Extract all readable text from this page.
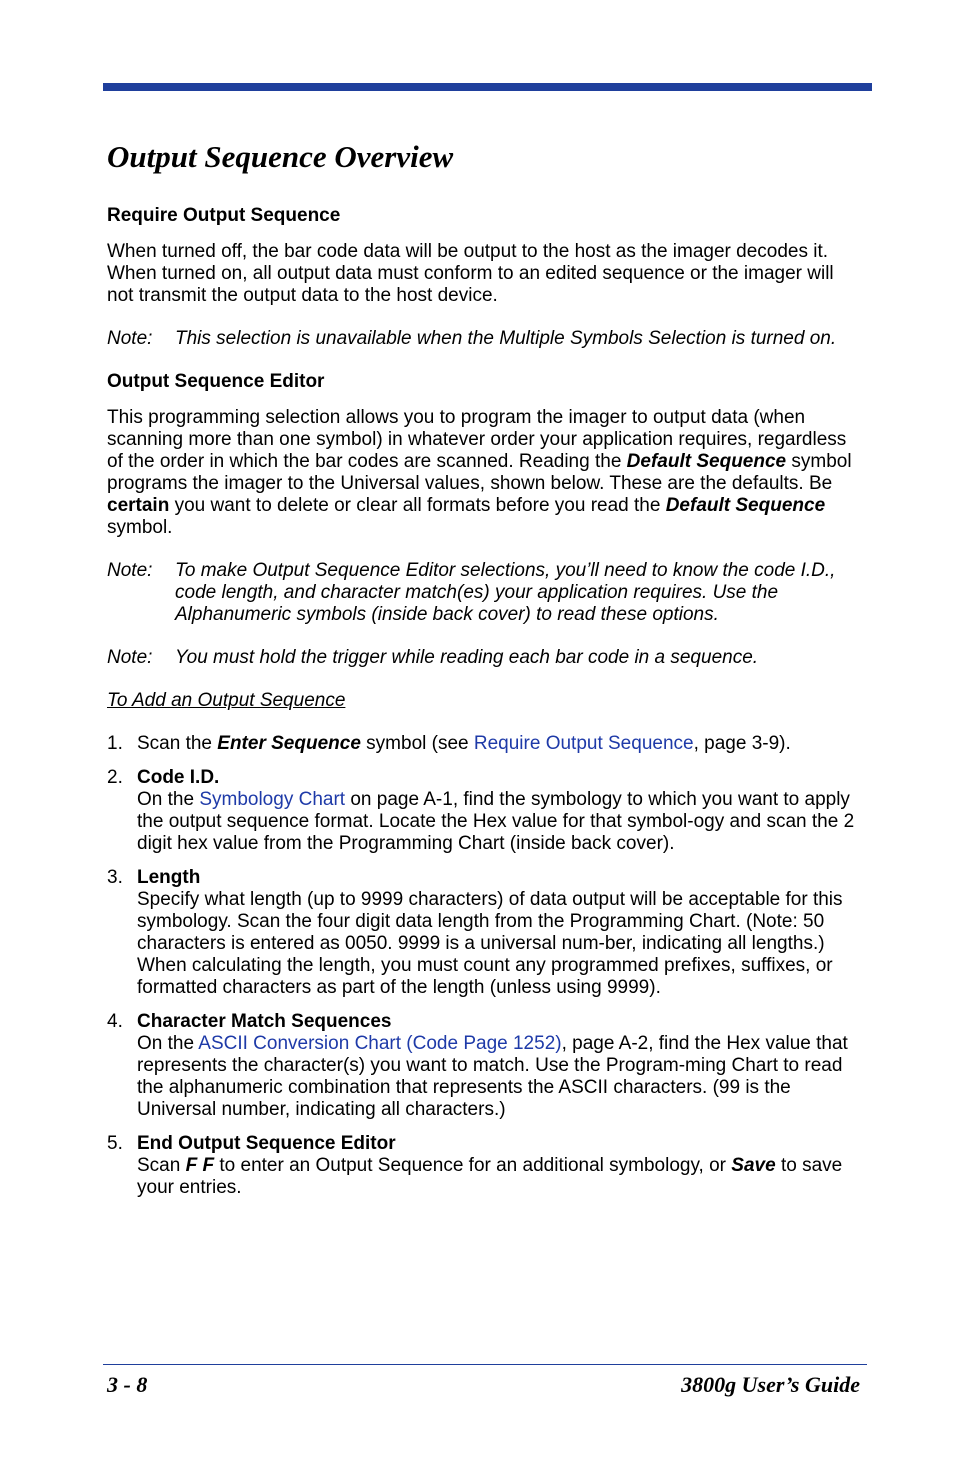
Output Sequence Overview
Require Output Sequence
When turned off, the bar code data will be output to the host as the imager decodes it. When turned on, all output data must conform to an edited sequence or the imager will not transmit the output data to the host device.
Note:	This selection is unavailable when the Multiple Symbols Selection is turned on.
Output Sequence Editor
This programming selection allows you to program the imager to output data (when scanning more than one symbol) in whatever order your application requires, regardless of the order in which the bar codes are scanned. Reading the Default Sequence symbol programs the imager to the Universal values, shown below. These are the defaults. Be certain you want to delete or clear all formats before you read the Default Sequence symbol.
Note:	To make Output Sequence Editor selections, you’ll need to know the code I.D., code length, and character match(es) your application requires. Use the Alphanumeric symbols (inside back cover) to read these options.
Note:	You must hold the trigger while reading each bar code in a sequence.
To Add an Output Sequence
1. Scan the Enter Sequence symbol (see Require Output Sequence, page 3-9).
2. Code I.D.
On the Symbology Chart on page A-1, find the symbology to which you want to apply the output sequence format. Locate the Hex value for that symbol-ogy and scan the 2 digit hex value from the Programming Chart (inside back cover).
3. Length
Specify what length (up to 9999 characters) of data output will be acceptable for this symbology. Scan the four digit data length from the Programming Chart. (Note: 50 characters is entered as 0050. 9999 is a universal num-ber, indicating all lengths.) When calculating the length, you must count any programmed prefixes, suffixes, or formatted characters as part of the length (unless using 9999).
4. Character Match Sequences
On the ASCII Conversion Chart (Code Page 1252), page A-2, find the Hex value that represents the character(s) you want to match. Use the Program-ming Chart to read the alphanumeric combination that represents the ASCII characters. (99 is the Universal number, indicating all characters.)
5. End Output Sequence Editor
Scan F F to enter an Output Sequence for an additional symbology, or Save to save your entries.
3 - 8	3800g User’s Guide
